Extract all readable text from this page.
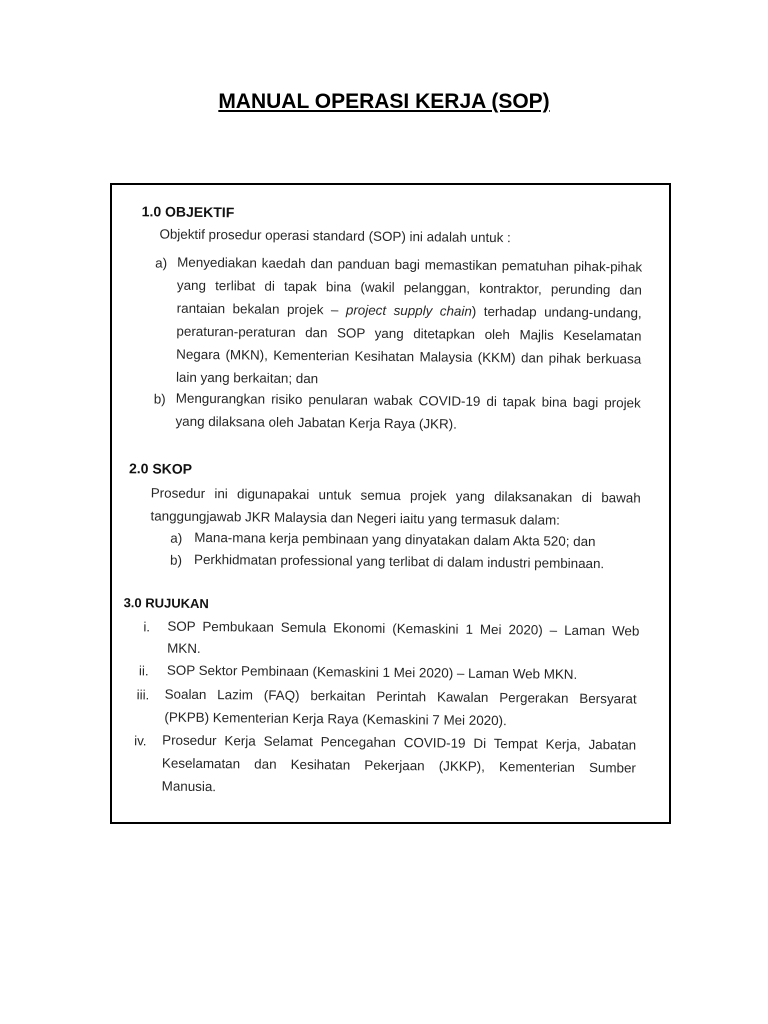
MANUAL OPERASI KERJA (SOP)
1.0 OBJEKTIF
Objektif prosedur operasi standard (SOP) ini adalah untuk :
a) Menyediakan kaedah dan panduan bagi memastikan pematuhan pihak-pihak
yang terlibat di tapak bina (wakil pelanggan, kontraktor, perunding dan
rantaian bekalan projek – project supply chain) terhadap undang-undang,
peraturan-peraturan dan SOP yang ditetapkan oleh Majlis Keselamatan
Negara (MKN), Kementerian Kesihatan Malaysia (KKM) dan pihak berkuasa
lain yang berkaitan; dan
b) Mengurangkan risiko penularan wabak COVID-19 di tapak bina bagi projek
yang dilaksana oleh Jabatan Kerja Raya (JKR).
2.0 SKOP
Prosedur ini digunapakai untuk semua projek yang dilaksanakan di bawah
tanggungjawab JKR Malaysia dan Negeri iaitu yang termasuk dalam:
a) Mana-mana kerja pembinaan yang dinyatakan dalam Akta 520; dan
b) Perkhidmatan professional yang terlibat di dalam industri pembinaan.
3.0 RUJUKAN
i. SOP Pembukaan Semula Ekonomi (Kemaskini 1 Mei 2020) – Laman Web
MKN.
ii. SOP Sektor Pembinaan (Kemaskini 1 Mei 2020) – Laman Web MKN.
iii. Soalan Lazim (FAQ) berkaitan Perintah Kawalan Pergerakan Bersyarat
(PKPB) Kementerian Kerja Raya (Kemaskini 7 Mei 2020).
iv. Prosedur Kerja Selamat Pencegahan COVID-19 Di Tempat Kerja, Jabatan
Keselamatan dan Kesihatan Pekerjaan (JKKP), Kementerian Sumber
Manusia.
